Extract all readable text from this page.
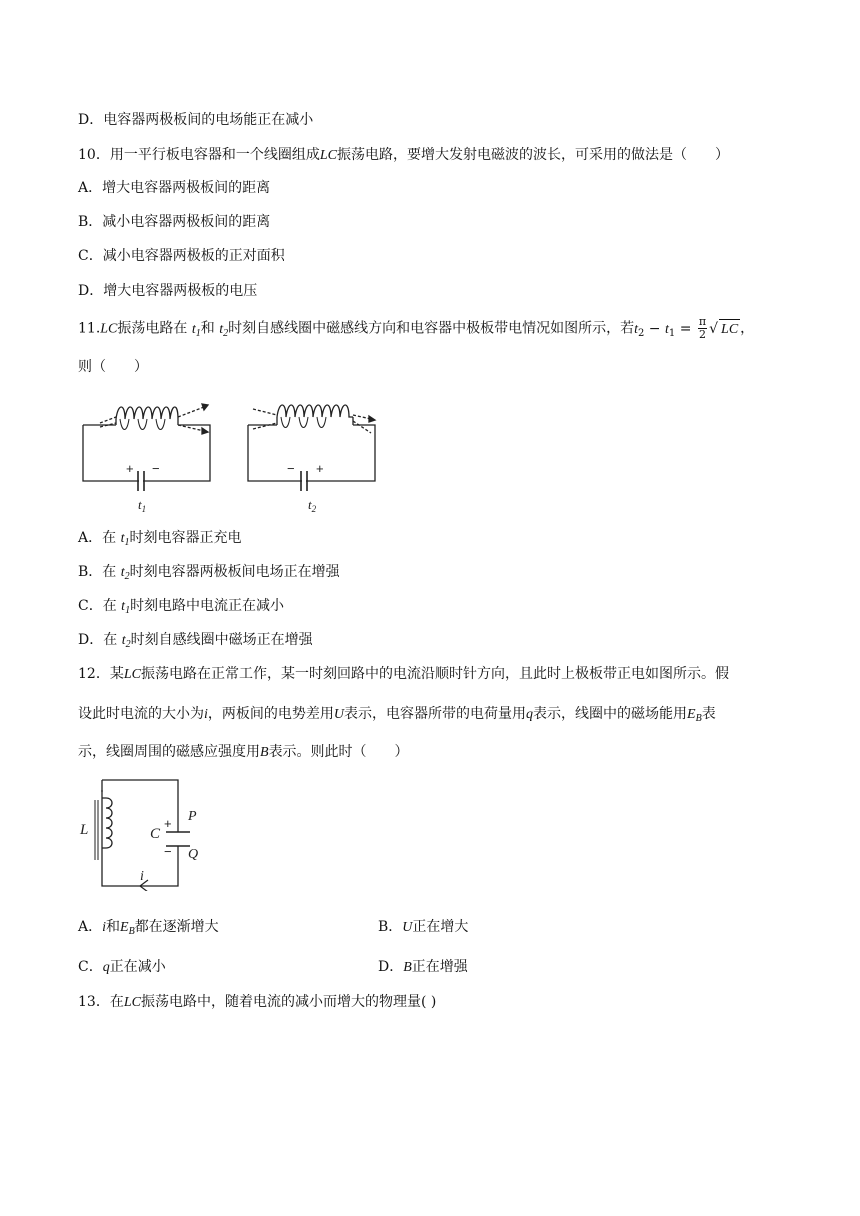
D．电容器两极板间的电场能正在减小
10．用一平行板电容器和一个线圈组成LC振荡电路，要增大发射电磁波的波长，可采用的做法是（　　）
A．增大电容器两极板间的距离
B．减小电容器两极板间的距离
C．减小电容器两极板的正对面积
D．增大电容器两极板的电压
11.LC振荡电路在 $t_1$和 $t_2$时刻自感线圈中磁感线方向和电容器中极板带电情况如图所示，若$t_2 - t_1 = \frac{\pi}{2}$ √ LC ，
则（　　）
+ −
$t_1$
− +
$t_2$
A．在 $t_1$时刻电容器正充电
B．在 $t_2$时刻电容器两极板间电场正在增强
C．在 $t_1$时刻电路中电流正在减小
D．在 $t_2$时刻自感线圈中磁场正在增强
12．某LC振荡电路在正常工作，某一时刻回路中的电流沿顺时针方向，且此时上极板带正电如图所示。假
设此时电流的大小为i，两板间的电势差用U表示，电容器所带的电荷量用q表示，线圈中的磁场能用$E_B$表
示，线圈周围的磁感应强度用B表示。则此时（　　）
L	C
+
−
P
Q
i
A．i和$E_B$都在逐渐增大	B．U正在增大
C．q正在减小	D．B正在增强
13．在LC振荡电路中，随着电流的减小而增大的物理量( )
